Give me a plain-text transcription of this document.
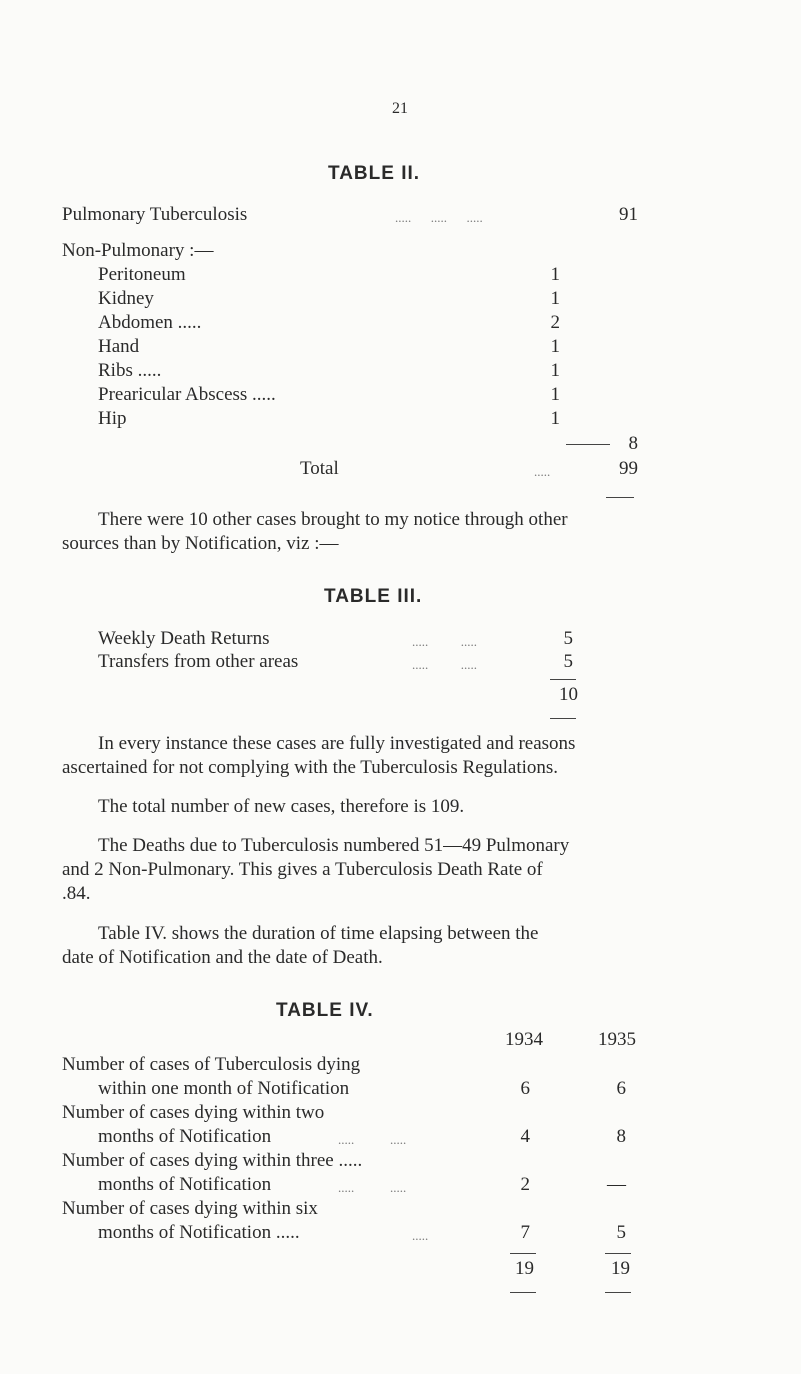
21
TABLE II.
Pulmonary Tuberculosis	.....      .....      .....	91
Non-Pulmonary :—
Peritoneum	1
Kidney	1
Abdomen .....	2
Hand	1
Ribs .....	1
Prearicular Abscess .....	1
Hip	1
8
Total	.....	99
There were 10 other cases brought to my notice through other
sources than by Notification, viz :—
TABLE III.
Weekly Death Returns	.....          .....	5
Transfers from other areas	.....          .....	5
10
In every instance these cases are fully investigated and reasons
ascertained for not complying with the Tuberculosis Regulations.
The total number of new cases, therefore is 109.
The Deaths due to Tuberculosis numbered 51—49 Pulmonary
and 2 Non-Pulmonary. This gives a Tuberculosis Death Rate of
.84.
Table IV. shows the duration of time elapsing between the
date of Notification and the date of Death.
TABLE IV.
1934	1935
Number of cases of Tuberculosis dying
within one month of Notification	6	6
Number of cases dying within two
months of Notification	.....           .....	4	8
Number of cases dying within three .....
months of Notification	.....           .....	2	—
Number of cases dying within six
months of Notification .....	.....	7	5
19	19
